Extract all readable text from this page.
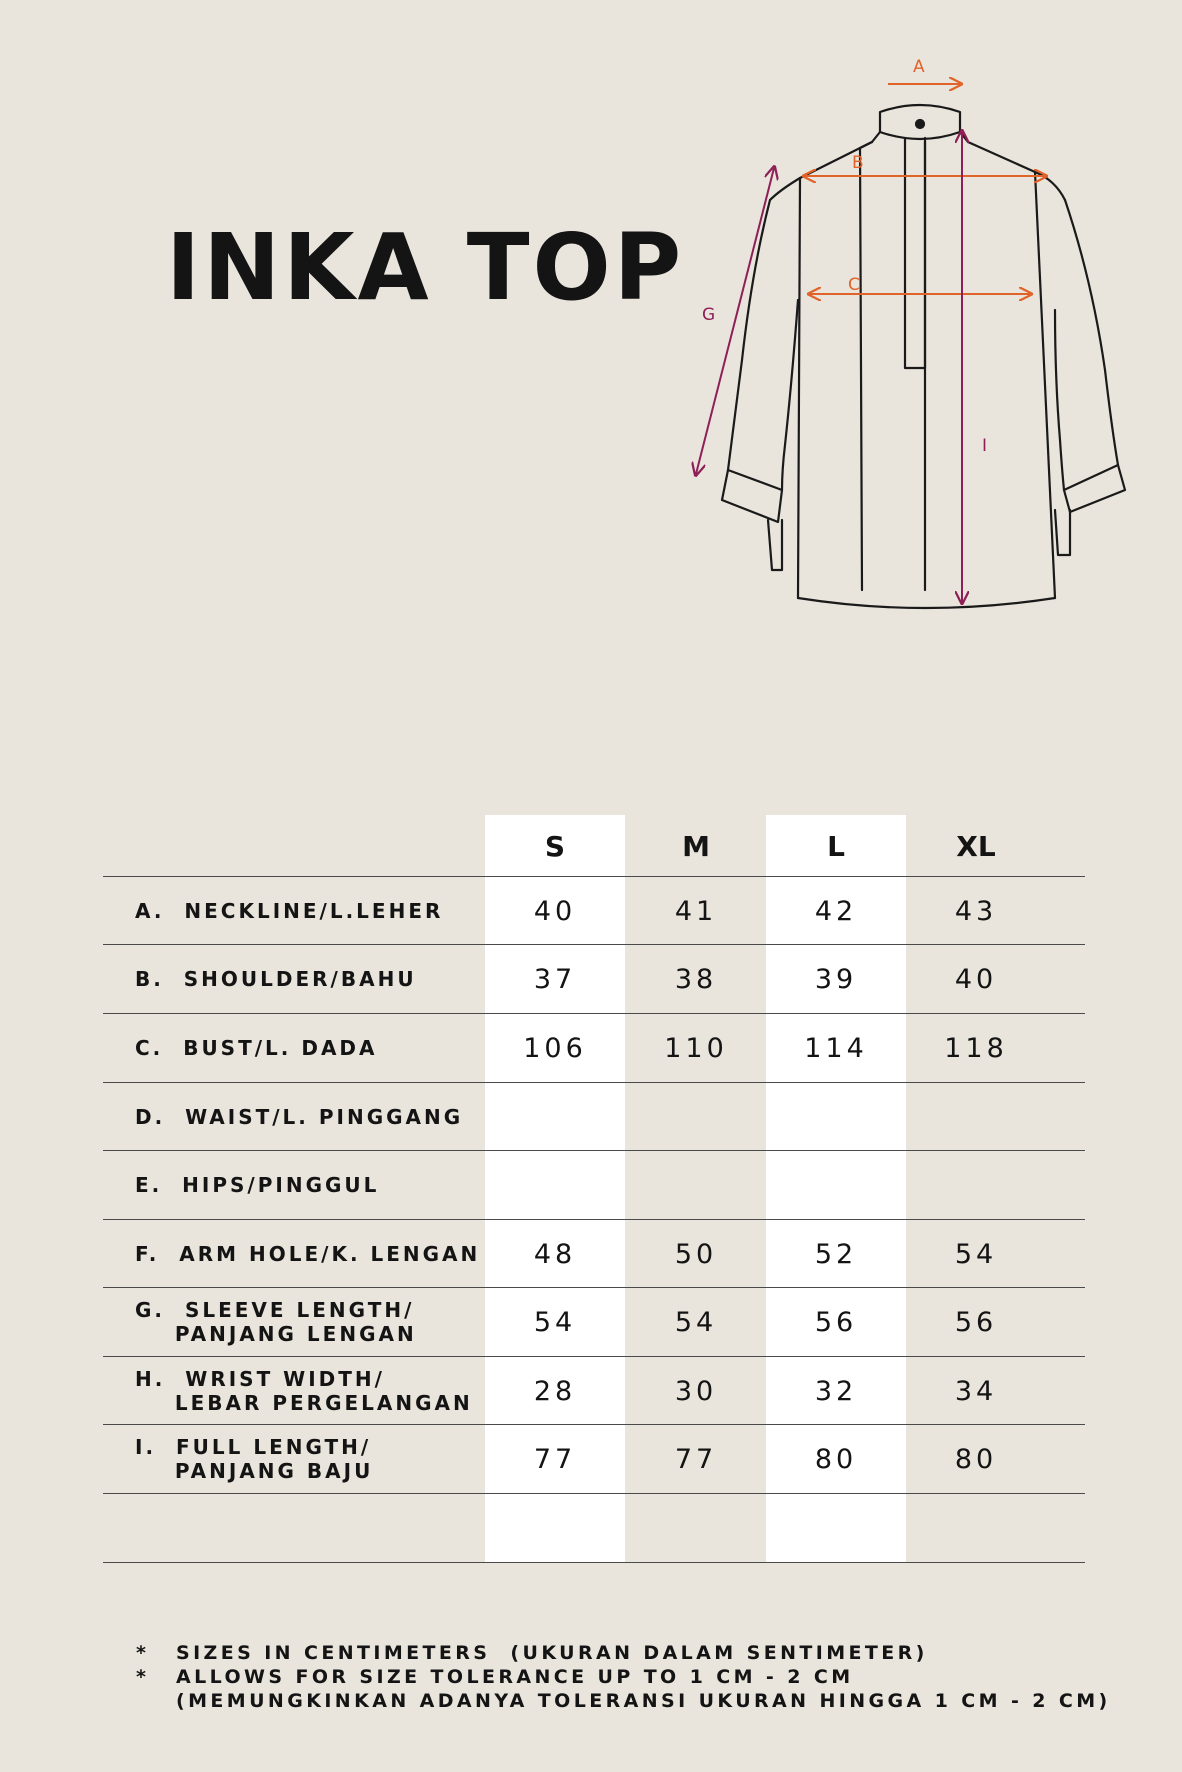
INKA TOP
A
B
C
G
I
S	M	L	XL
A.  NECKLINE/L.LEHER	40	41	42	43
B.  SHOULDER/BAHU	37	38	39	40
C.  BUST/L. DADA	106	110	114	118
D.  WAIST/L. PINGGANG
E.  HIPS/PINGGUL
F.  ARM HOLE/K. LENGAN	48	50	52	54
G.  SLEEVE LENGTH/
PANJANG LENGAN	54	54	56	56
H.  WRIST WIDTH/
LEBAR PERGELANGAN	28	30	32	34
I.  FULL LENGTH/
PANJANG BAJU	77	77	80	80
*	SIZES IN CENTIMETERS  (UKURAN DALAM SENTIMETER)
*	ALLOWS FOR SIZE TOLERANCE UP TO 1 CM - 2 CM
(MEMUNGKINKAN ADANYA TOLERANSI UKURAN HINGGA 1 CM - 2 CM)
